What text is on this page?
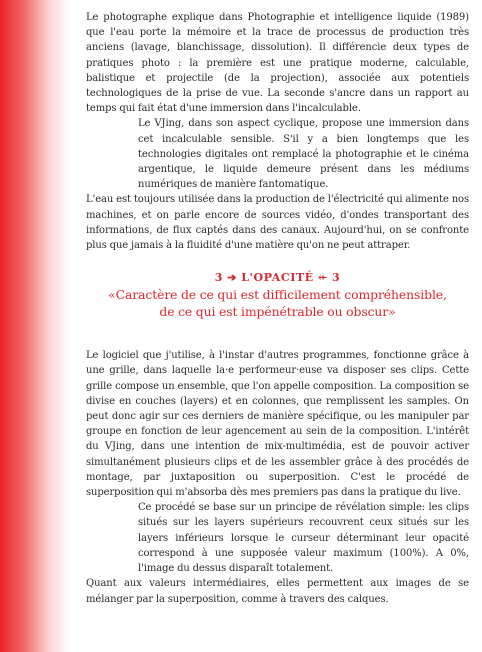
Le photographe explique dans Photographie et intelligence liquide (1989) que l'eau porte la mémoire et la trace de processus de production très anciens (lavage, blanchissage, dissolution). Il différencie deux types de pratiques photo : la première est une pratique moderne, calculable, balistique et projectile (de la projection), associée aux potentiels technologiques de la prise de vue. La seconde s'ancre dans un rapport au temps qui fait état d'une immersion dans l'incalculable.

Le VJing, dans son aspect cyclique, propose une immersion dans cet incalculable sensible. S'il y a bien longtemps que les technologies digitales ont remplacé la photographie et le cinéma argentique, le liquide demeure présent dans les médiums numériques de manière fantomatique.

L'eau est toujours utilisée dans la production de l'électricité qui alimente nos machines, et on parle encore de sources vidéo, d'ondes transportant des informations, de flux captés dans des canaux. Aujourd'hui, on se confronte plus que jamais à la fluidité d'une matière qu'on ne peut attraper.

3 ➔ L'OPACITÉ ⇷ 3
«Caractère de ce qui est difficilement compréhensible,
de ce qui est impénétrable ou obscur»

Le logiciel que j'utilise, à l'instar d'autres programmes, fonctionne grâce à une grille, dans laquelle la·e performeur·euse va disposer ses clips. Cette grille compose un ensemble, que l'on appelle composition. La composition se divise en couches (layers) et en colonnes, que remplissent les samples. On peut donc agir sur ces derniers de manière spécifique, ou les manipuler par groupe en fonction de leur agencement au sein de la composition. L'intérêt du VJing, dans une intention de mix-multimédia, est de pouvoir activer simultanément plusieurs clips et de les assembler grâce à des procédés de montage, par juxtaposition ou superposition. C'est le procédé de superposition qui m'absorba dès mes premiers pas dans la pratique du live.

Ce procédé se base sur un principe de révélation simple: les clips situés sur les layers supérieurs recouvrent ceux situés sur les layers inférieurs lorsque le curseur déterminant leur opacité correspond à une supposée valeur maximum (100%). A 0%, l'image du dessus disparaît totalement.

Quant aux valeurs intermédiaires, elles permettent aux images de se mélanger par la superposition, comme à travers des calques.
